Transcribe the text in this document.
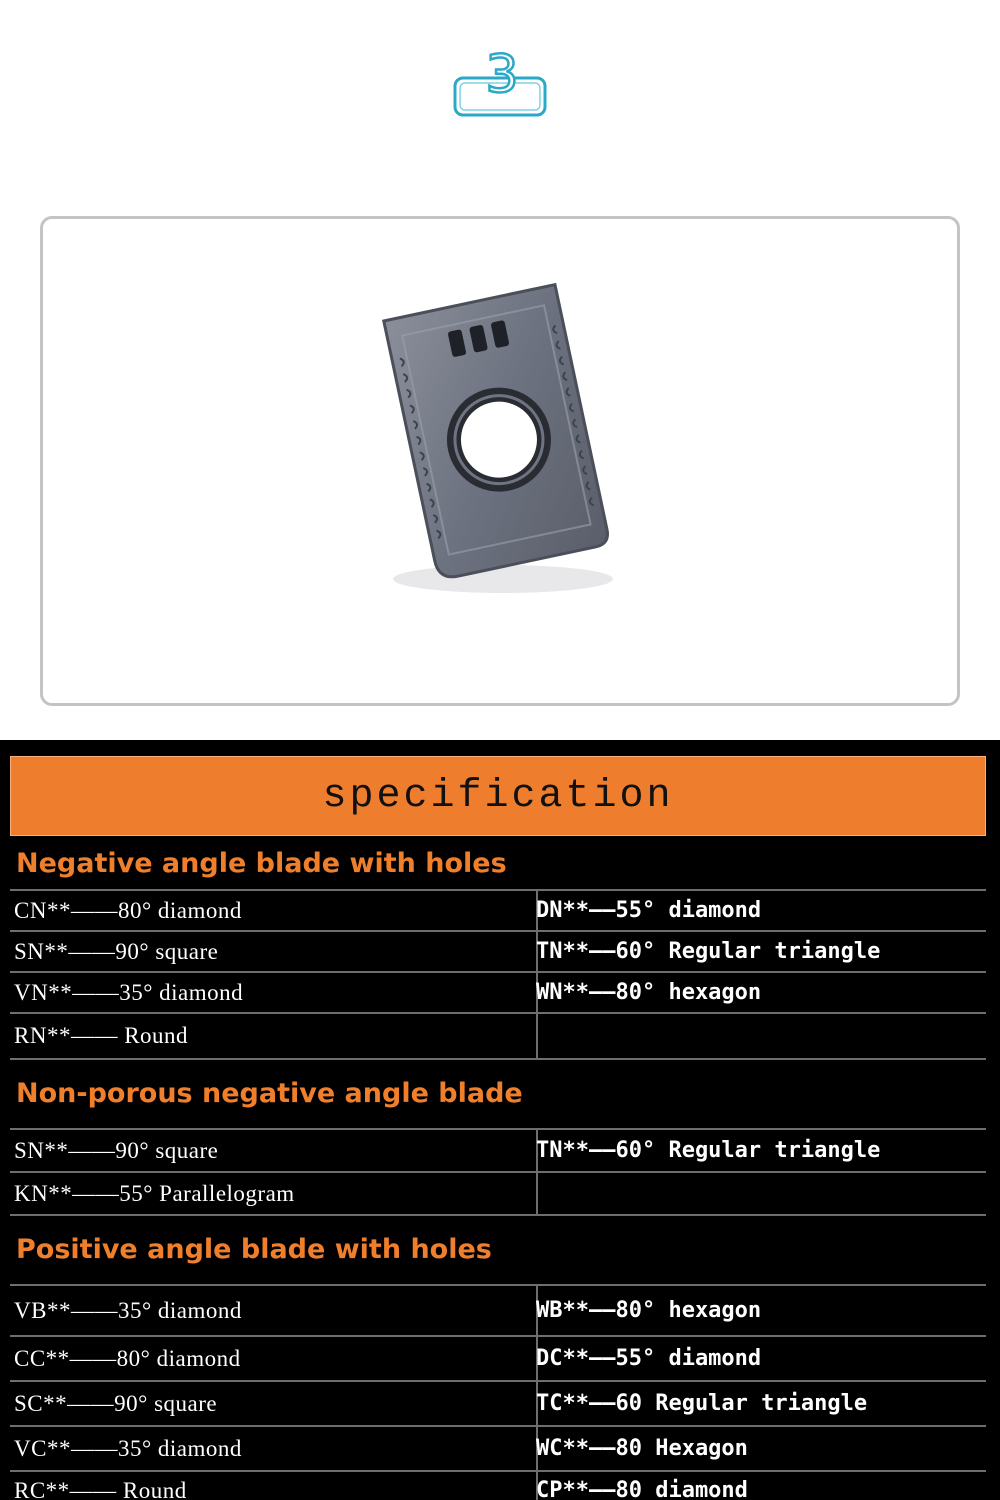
3
specification
Negative angle blade with holes
CN**——80° diamond	DN**——55° diamond
SN**——90° square	TN**——60° Regular triangle
VN**——35° diamond	WN**——80° hexagon
RN**—— Round
Non-porous negative angle blade
SN**——90° square	TN**——60° Regular triangle
KN**——55° Parallelogram
Positive angle blade with holes
VB**——35° diamond	WB**——80° hexagon
CC**——80° diamond	DC**——55° diamond
SC**——90° square	TC**——60 Regular triangle
VC**——35° diamond	WC**——80 Hexagon
RC**—— Round	CP**——80 diamond
